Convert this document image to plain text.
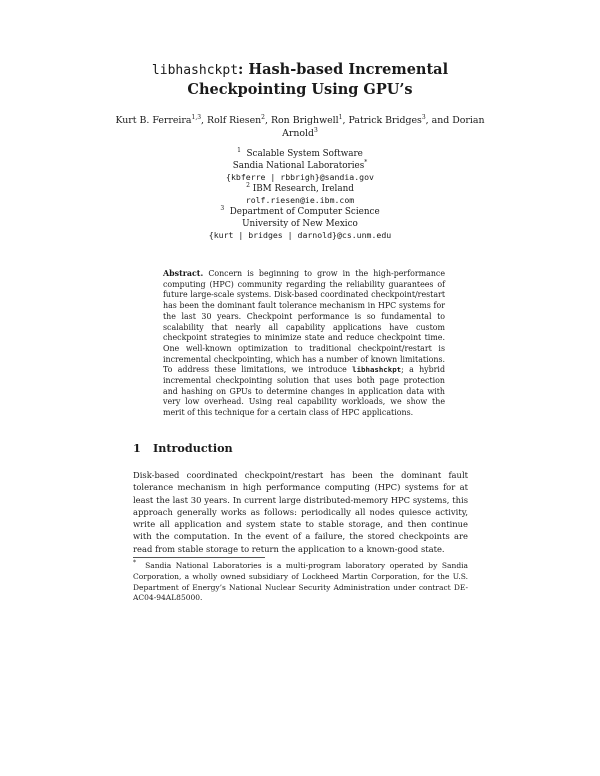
libhashckpt: Hash-based Incremental Checkpointing Using GPU’s
Kurt B. Ferreira$^{1,3}$, Rolf Riesen$^2$, Ron Brighwell$^1$, Patrick Bridges$^3$, and Dorian Arnold$^3$
$^1$ Scalable System Software
Sandia National Laboratories*
{kbferre | rbbrigh}@sandia.gov
$^2$ IBM Research, Ireland
rolf.riesen@ie.ibm.com
$^3$ Department of Computer Science
University of New Mexico
{kurt | bridges | darnold}@cs.unm.edu
Abstract. Concern is beginning to grow in the high-performance computing (HPC) community regarding the reliability guarantees of future large-scale systems. Disk-based coordinated checkpoint/restart has been the dominant fault tolerance mechanism in HPC systems for the last 30 years. Checkpoint performance is so fundamental to scalability that nearly all capability applications have custom checkpoint strategies to minimize state and reduce checkpoint time. One well-known optimization to traditional checkpoint/restart is incremental checkpointing, which has a number of known limitations. To address these limitations, we introduce libhashckpt; a hybrid incremental checkpointing solution that uses both page protection and hashing on GPUs to determine changes in application data with very low overhead. Using real capability workloads, we show the merit of this technique for a certain class of HPC applications.
1 Introduction
Disk-based coordinated checkpoint/restart has been the dominant fault tolerance mechanism in high performance computing (HPC) systems for at least the last 30 years. In current large distributed-memory HPC systems, this approach generally works as follows: periodically all nodes quiesce activity, write all application and system state to stable storage, and then continue with the computation. In the event of a failure, the stored checkpoints are read from stable storage to return the application to a known-good state.
* Sandia National Laboratories is a multi-program laboratory operated by Sandia Corporation, a wholly owned subsidiary of Lockheed Martin Corporation, for the U.S. Department of Energy’s National Nuclear Security Administration under contract DE-AC04-94AL85000.
